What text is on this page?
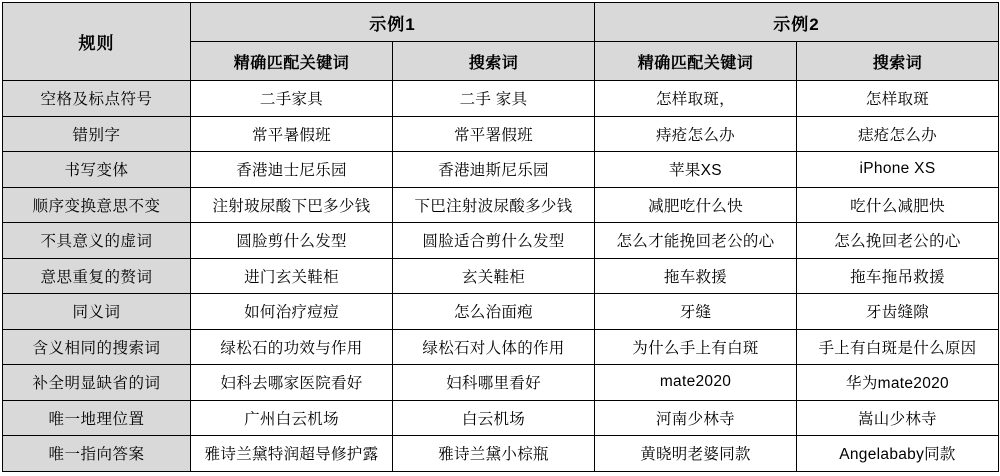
规则	示例1		示例2	
	精确匹配关键词	搜索词	精确匹配关键词	搜索词
空格及标点符号	二手家具	二手 家具	怎样取斑，	怎样取斑
错别字	常平暑假班	常平署假班	痔疮怎么办	痣疮怎么办
书写变体	香港迪士尼乐园	香港迪斯尼乐园	苹果XS	iPhone XS
顺序变换意思不变	注射玻尿酸下巴多少钱	下巴注射波尿酸多少钱	减肥吃什么快	吃什么减肥快
不具意义的虚词	圆脸剪什么发型	圆脸适合剪什么发型	怎么才能挽回老公的心	怎么挽回老公的心
意思重复的赘词	进门玄关鞋柜	玄关鞋柜	拖车救援	拖车拖吊救援
同义词	如何治疗痘痘	怎么治面疱	牙缝	牙齿缝隙
含义相同的搜索词	绿松石的功效与作用	绿松石对人体的作用	为什么手上有白斑	手上有白斑是什么原因
补全明显缺省的词	妇科去哪家医院看好	妇科哪里看好	mate2020	华为mate2020
唯一地理位置	广州白云机场	白云机场	河南少林寺	嵩山少林寺
唯一指向答案	雅诗兰黛特润超导修护露	雅诗兰黛小棕瓶	黄晓明老婆同款	Angelababy同款
